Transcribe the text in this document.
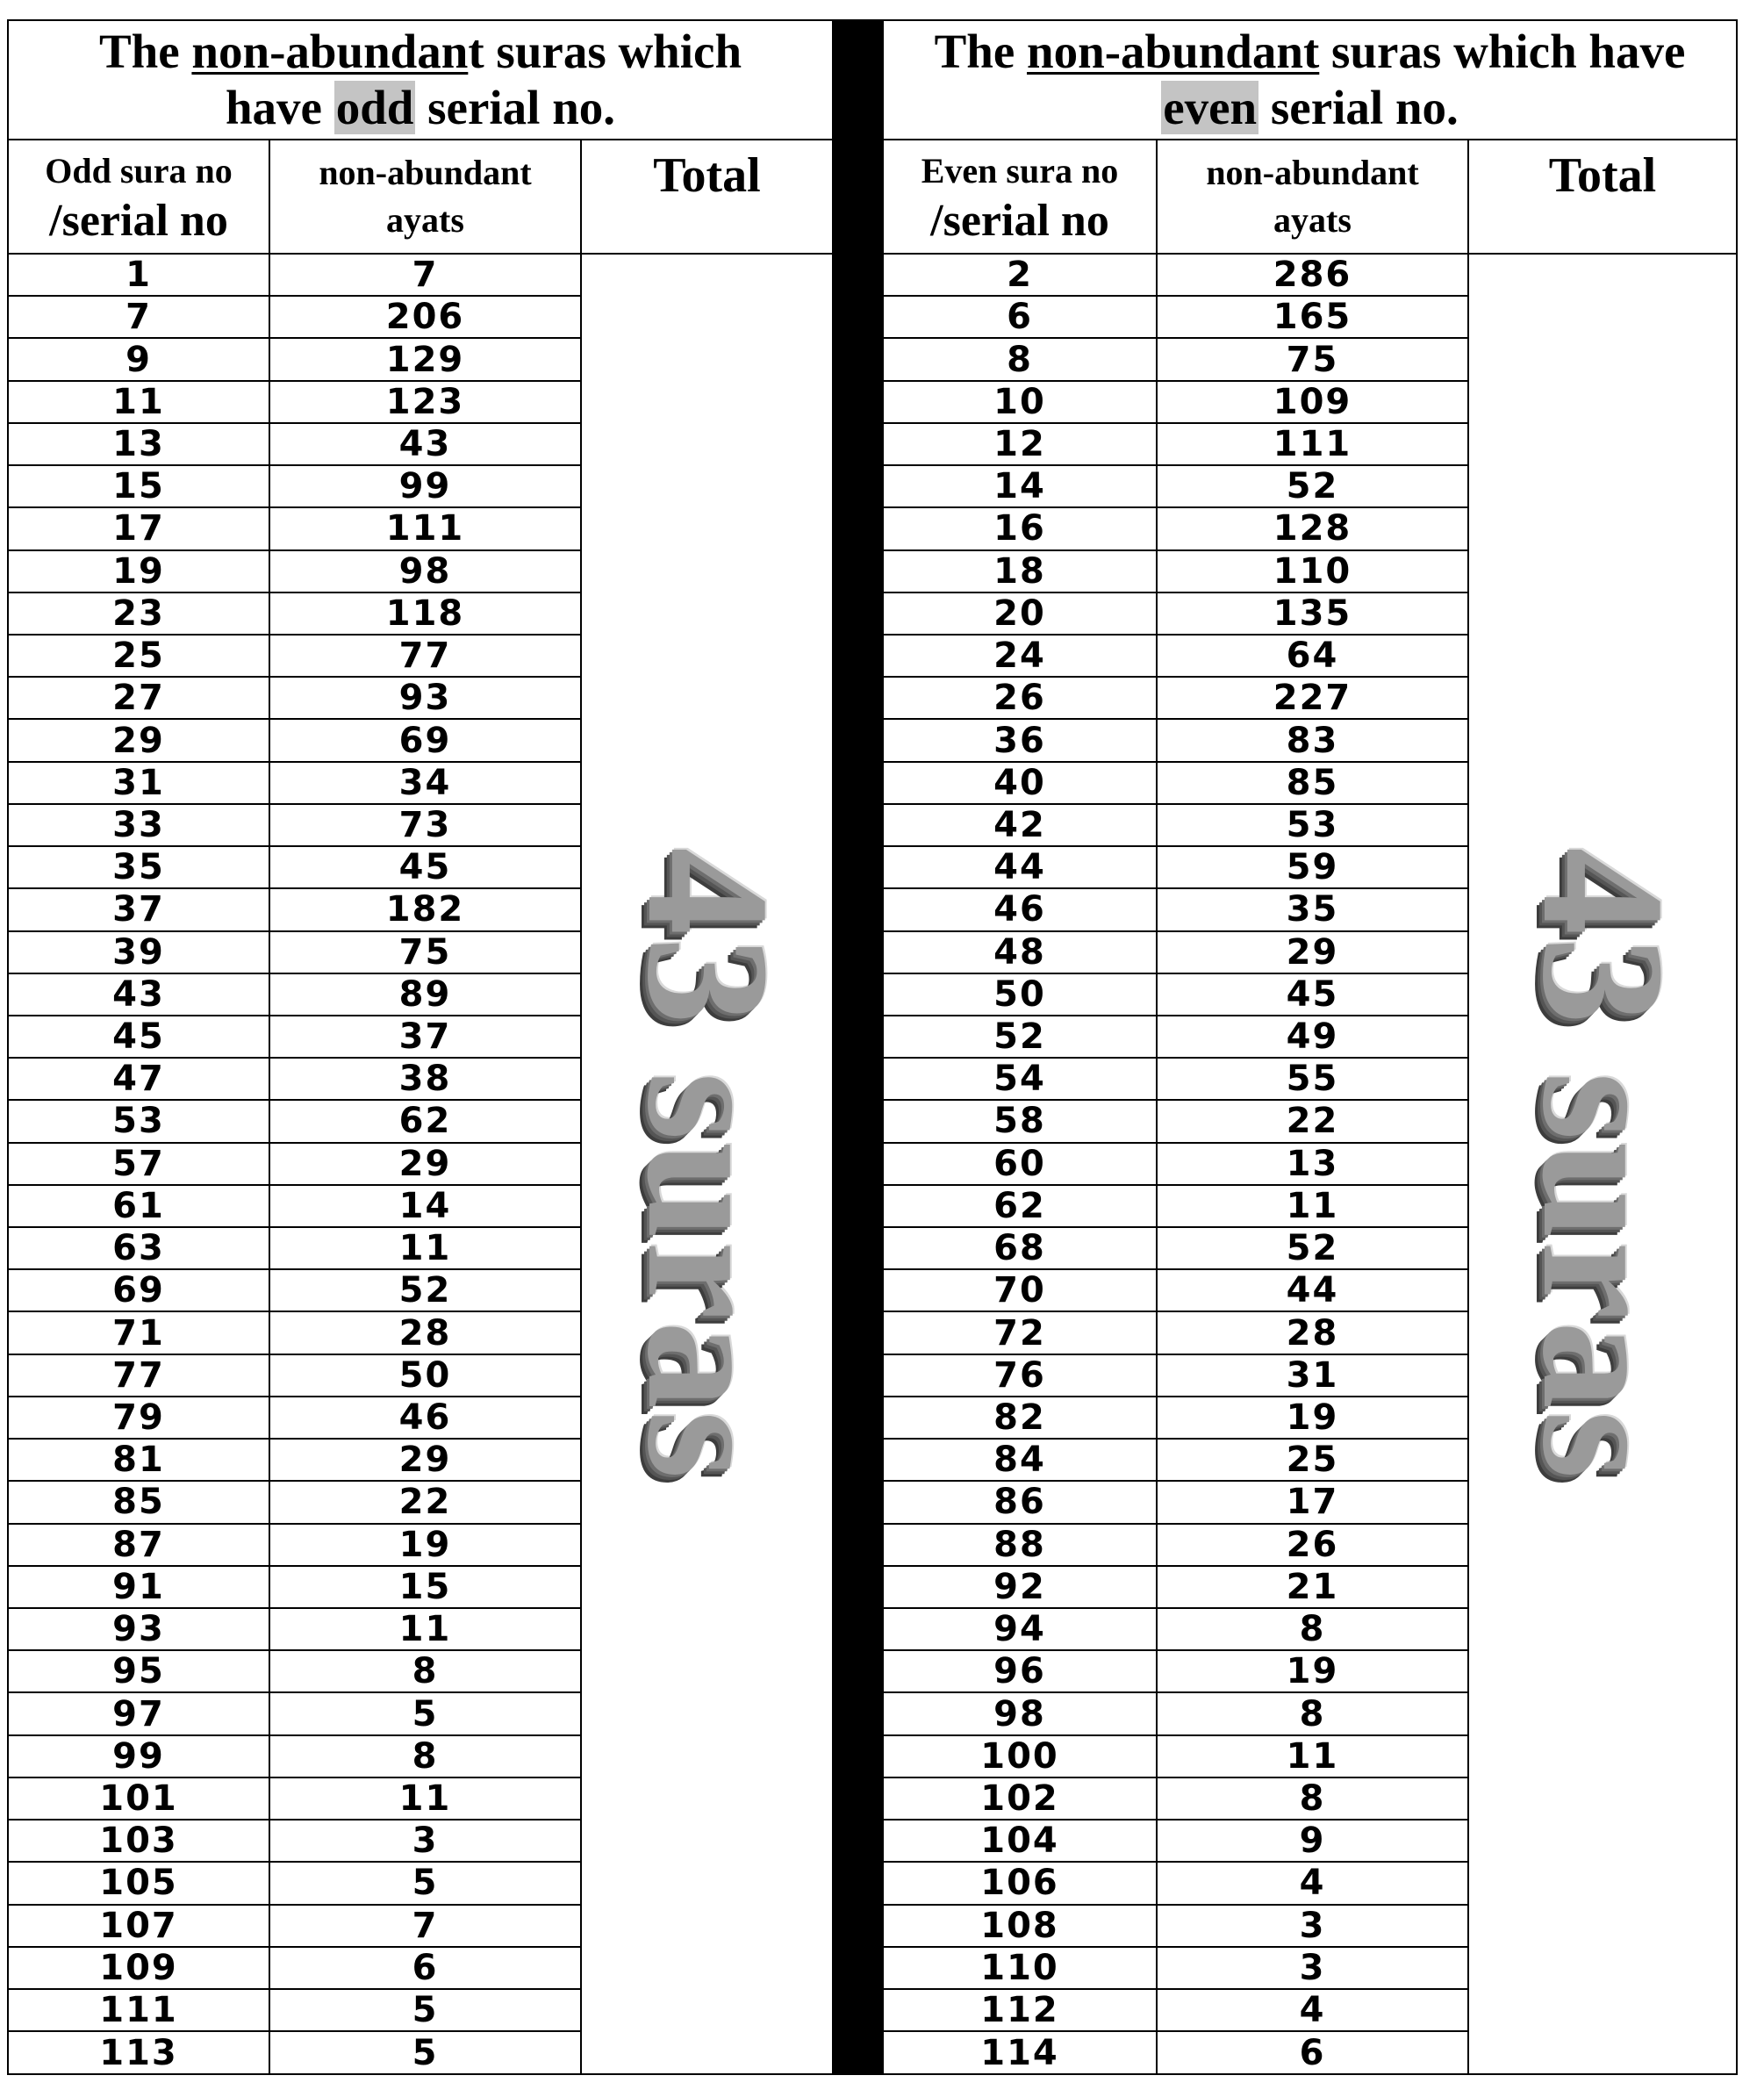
The non-abundant suras which
have odd serial no.		
Odd sura no
/serial no	non-abundant
ayats	Total
1	7	43 suras

7	206	
9	129	
11	123	
13	43	
15	99	
17	111	
19	98	
23	118	
25	77	
27	93	
29	69	
31	34	
33	73	
35	45	
37	182	
39	75	
43	89	
45	37	
47	38	
53	62	
57	29	
61	14	
63	11	
69	52	
71	28	
77	50	
79	46	
81	29	
85	22	
87	19	
91	15	
93	11	
95	8	
97	5	
99	8	
101	11	
103	3	
105	5	
107	7	
109	6	
111	5	
113	5	
The non-abundant suras which have
even serial no.		
Even sura no
/serial no	non-abundant
ayats	Total
2	286	43 suras

6	165	
8	75	
10	109	
12	111	
14	52	
16	128	
18	110	
20	135	
24	64	
26	227	
36	83	
40	85	
42	53	
44	59	
46	35	
48	29	
50	45	
52	49	
54	55	
58	22	
60	13	
62	11	
68	52	
70	44	
72	28	
76	31	
82	19	
84	25	
86	17	
88	26	
92	21	
94	8	
96	19	
98	8	
100	11	
102	8	
104	9	
106	4	
108	3	
110	3	
112	4	
114	6	
